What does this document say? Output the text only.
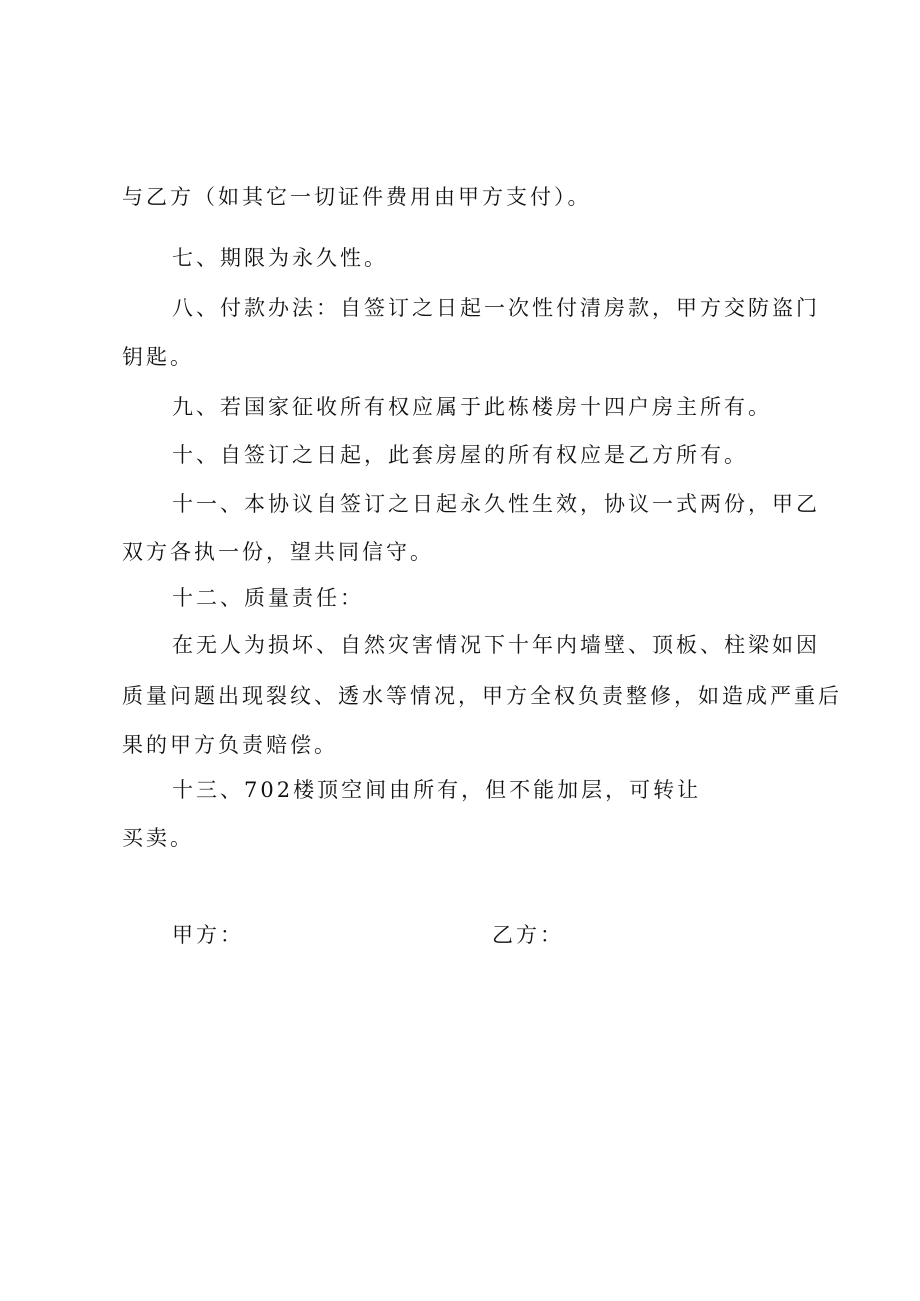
与乙方（如其它一切证件费用由甲方支付）。
七、期限为永久性。
八、付款办法：自签订之日起一次性付清房款，甲方交防盗门
钥匙。
九、若国家征收所有权应属于此栋楼房十四户房主所有。
十、自签订之日起，此套房屋的所有权应是乙方所有。
十一、本协议自签订之日起永久性生效，协议一式两份，甲乙
双方各执一份，望共同信守。
十二、质量责任：
在无人为损坏、自然灾害情况下十年内墙壁、顶板、柱梁如因
质量问题出现裂纹、透水等情况，甲方全权负责整修，如造成严重后
果的甲方负责赔偿。
十三、702楼顶空间由所有，但不能加层，可转让
买卖。
甲方：	乙方：
